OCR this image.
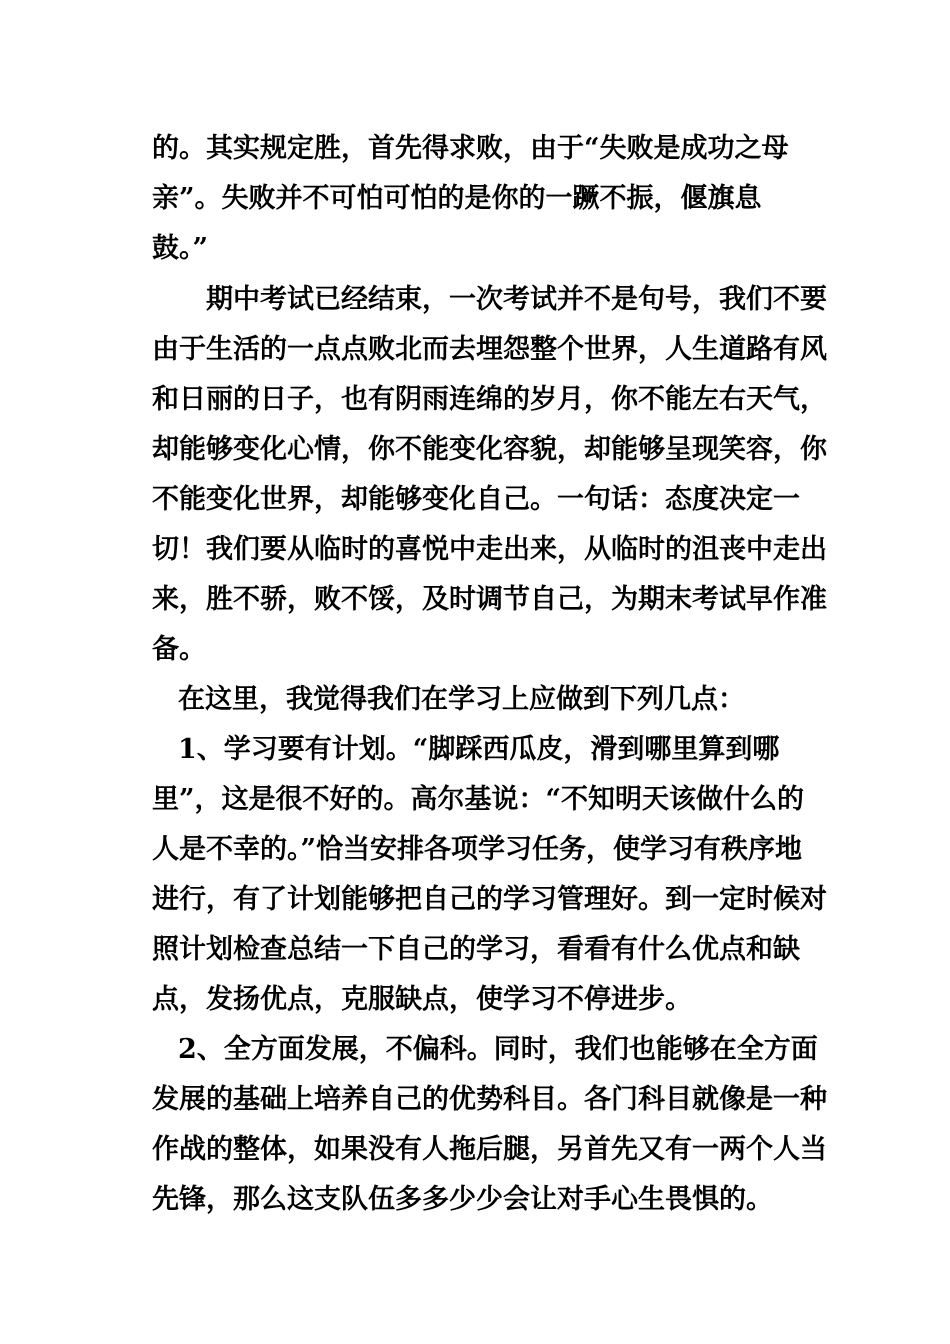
的。其实规定胜，首先得求败，由于“失败是成功之母

亲”。失败并不可怕可怕的是你的一蹶不振，偃旗息

鼓。”

期中考试已经结束，一次考试并不是句号，我们不要

由于生活的一点点败北而去埋怨整个世界，人生道路有风

和日丽的日子，也有阴雨连绵的岁月，你不能左右天气，

却能够变化心情，你不能变化容貌，却能够呈现笑容，你

不能变化世界，却能够变化自己。一句话：态度决定一

切！我们要从临时的喜悦中走出来，从临时的沮丧中走出

来，胜不骄，败不馁，及时调节自己，为期末考试早作准

备。

在这里，我觉得我们在学习上应做到下列几点：

1、学习要有计划。“脚踩西瓜皮，滑到哪里算到哪

里”，这是很不好的。高尔基说：“不知明天该做什么的

人是不幸的。”恰当安排各项学习任务，使学习有秩序地

进行，有了计划能够把自己的学习管理好。到一定时候对

照计划检查总结一下自己的学习，看看有什么优点和缺

点，发扬优点，克服缺点，使学习不停进步。

2、全方面发展，不偏科。同时，我们也能够在全方面

发展的基础上培养自己的优势科目。各门科目就像是一种

作战的整体，如果没有人拖后腿，另首先又有一两个人当

先锋，那么这支队伍多多少少会让对手心生畏惧的。
